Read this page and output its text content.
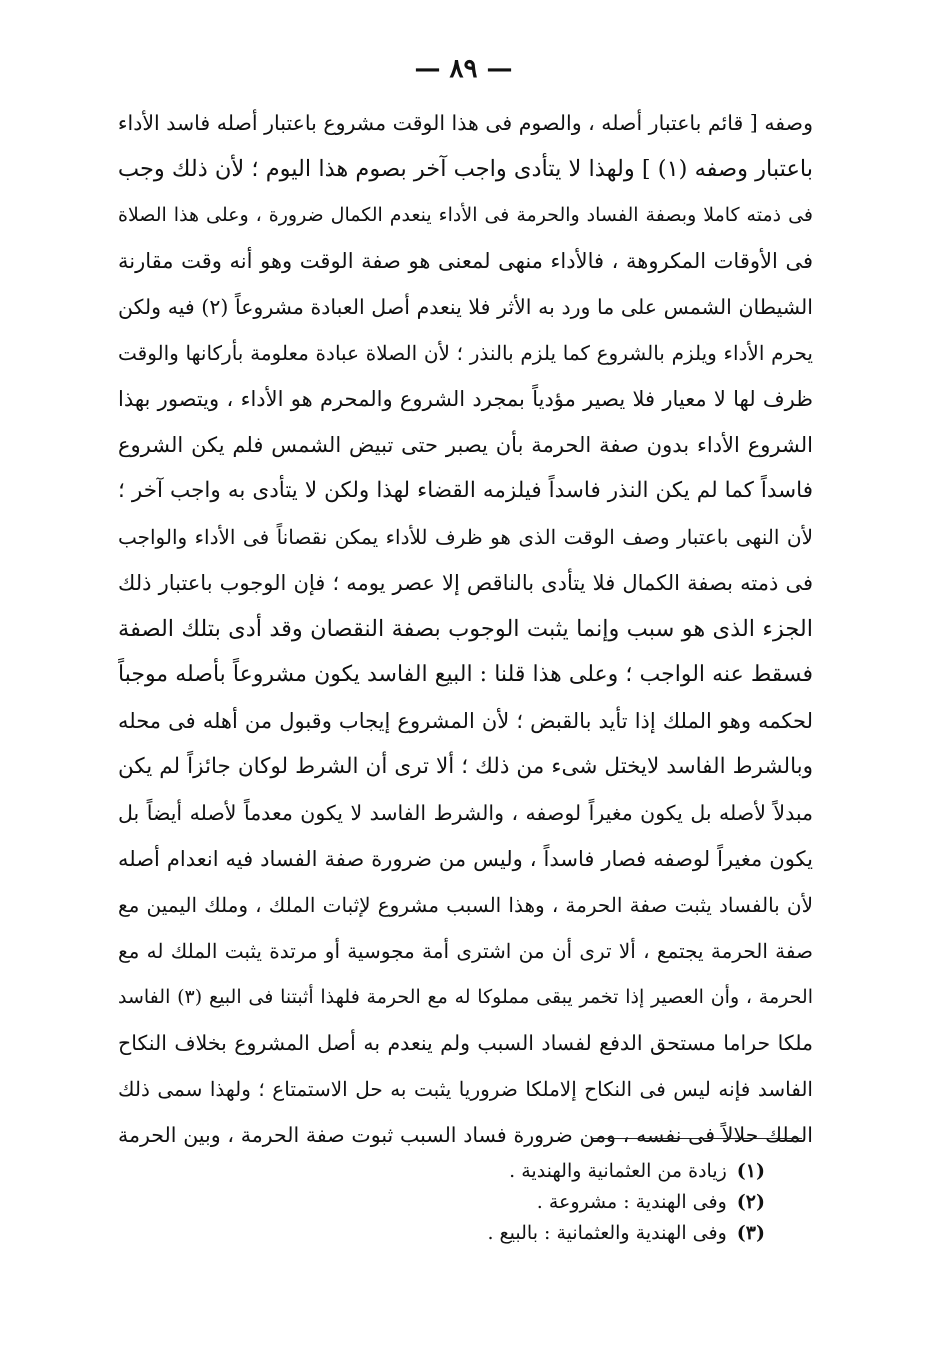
— ٨٩ —
وصفه [ قائم باعتبار أصله ، والصوم فى هذا الوقت مشروع باعتبار أصله فاسد الأداء
باعتبار وصفه (١) ] ولهذا لا يتأدى واجب آخر بصوم هذا اليوم ؛ لأن ذلك وجب
فى ذمته كاملا وبصفة الفساد والحرمة فى الأداء ينعدم الكمال ضرورة ، وعلى هذا الصلاة
فى الأوقات المكروهة ، فالأداء منهى لمعنى هو صفة الوقت وهو أنه وقت مقارنة
الشيطان الشمس على ما ورد به الأثر فلا ينعدم أصل العبادة مشروعاً (٢) فيه ولكن
يحرم الأداء ويلزم بالشروع كما يلزم بالنذر ؛ لأن الصلاة عبادة معلومة بأركانها والوقت
ظرف لها لا معيار فلا يصير مؤدياً بمجرد الشروع والمحرم هو الأداء ، ويتصور بهذا
الشروع الأداء بدون صفة الحرمة بأن يصبر حتى تبيض الشمس فلم يكن الشروع
فاسداً كما لم يكن النذر فاسداً فيلزمه القضاء لهذا ولكن لا يتأدى به واجب آخر ؛
لأن النهى باعتبار وصف الوقت الذى هو ظرف للأداء يمكن نقصاناً فى الأداء والواجب
فى ذمته بصفة الكمال فلا يتأدى بالناقص إلا عصر يومه ؛ فإن الوجوب باعتبار ذلك
الجزء الذى هو سبب وإنما يثبت الوجوب بصفة النقصان وقد أدى بتلك الصفة
فسقط عنه الواجب ؛ وعلى هذا قلنا : البيع الفاسد يكون مشروعاً بأصله موجباً
لحكمه وهو الملك إذا تأيد بالقبض ؛ لأن المشروع إيجاب وقبول من أهله فى محله
وبالشرط الفاسد لايختل شىء من ذلك ؛ ألا ترى أن الشرط لوكان جائزاً لم يكن
مبدلاً لأصله بل يكون مغيراً لوصفه ، والشرط الفاسد لا يكون معدماً لأصله أيضاً بل
يكون مغيراً لوصفه فصار فاسداً ، وليس من ضرورة صفة الفساد فيه انعدام أصله
لأن بالفساد يثبت صفة الحرمة ، وهذا السبب مشروع لإثبات الملك ، وملك اليمين مع
صفة الحرمة يجتمع ، ألا ترى أن من اشترى أمة مجوسية أو مرتدة يثبت الملك له مع
الحرمة ، وأن العصير إذا تخمر يبقى مملوكا له مع الحرمة فلهذا أثبتنا فى البيع (٣) الفاسد
ملكا حراما مستحق الدفع لفساد السبب ولم ينعدم به أصل المشروع بخلاف النكاح
الفاسد فإنه ليس فى النكاح إلاملكا ضروريا يثبت به حل الاستمتاع ؛ ولهذا سمى ذلك
الملك حلالاً فى نفسه ، ومن ضرورة فساد السبب ثبوت صفة الحرمة ، وبين الحرمة
(١)زيادة من العثمانية والهندية .
(٢)وفى الهندية : مشروعة .
(٣)وفى الهندية والعثمانية : بالبيع .
